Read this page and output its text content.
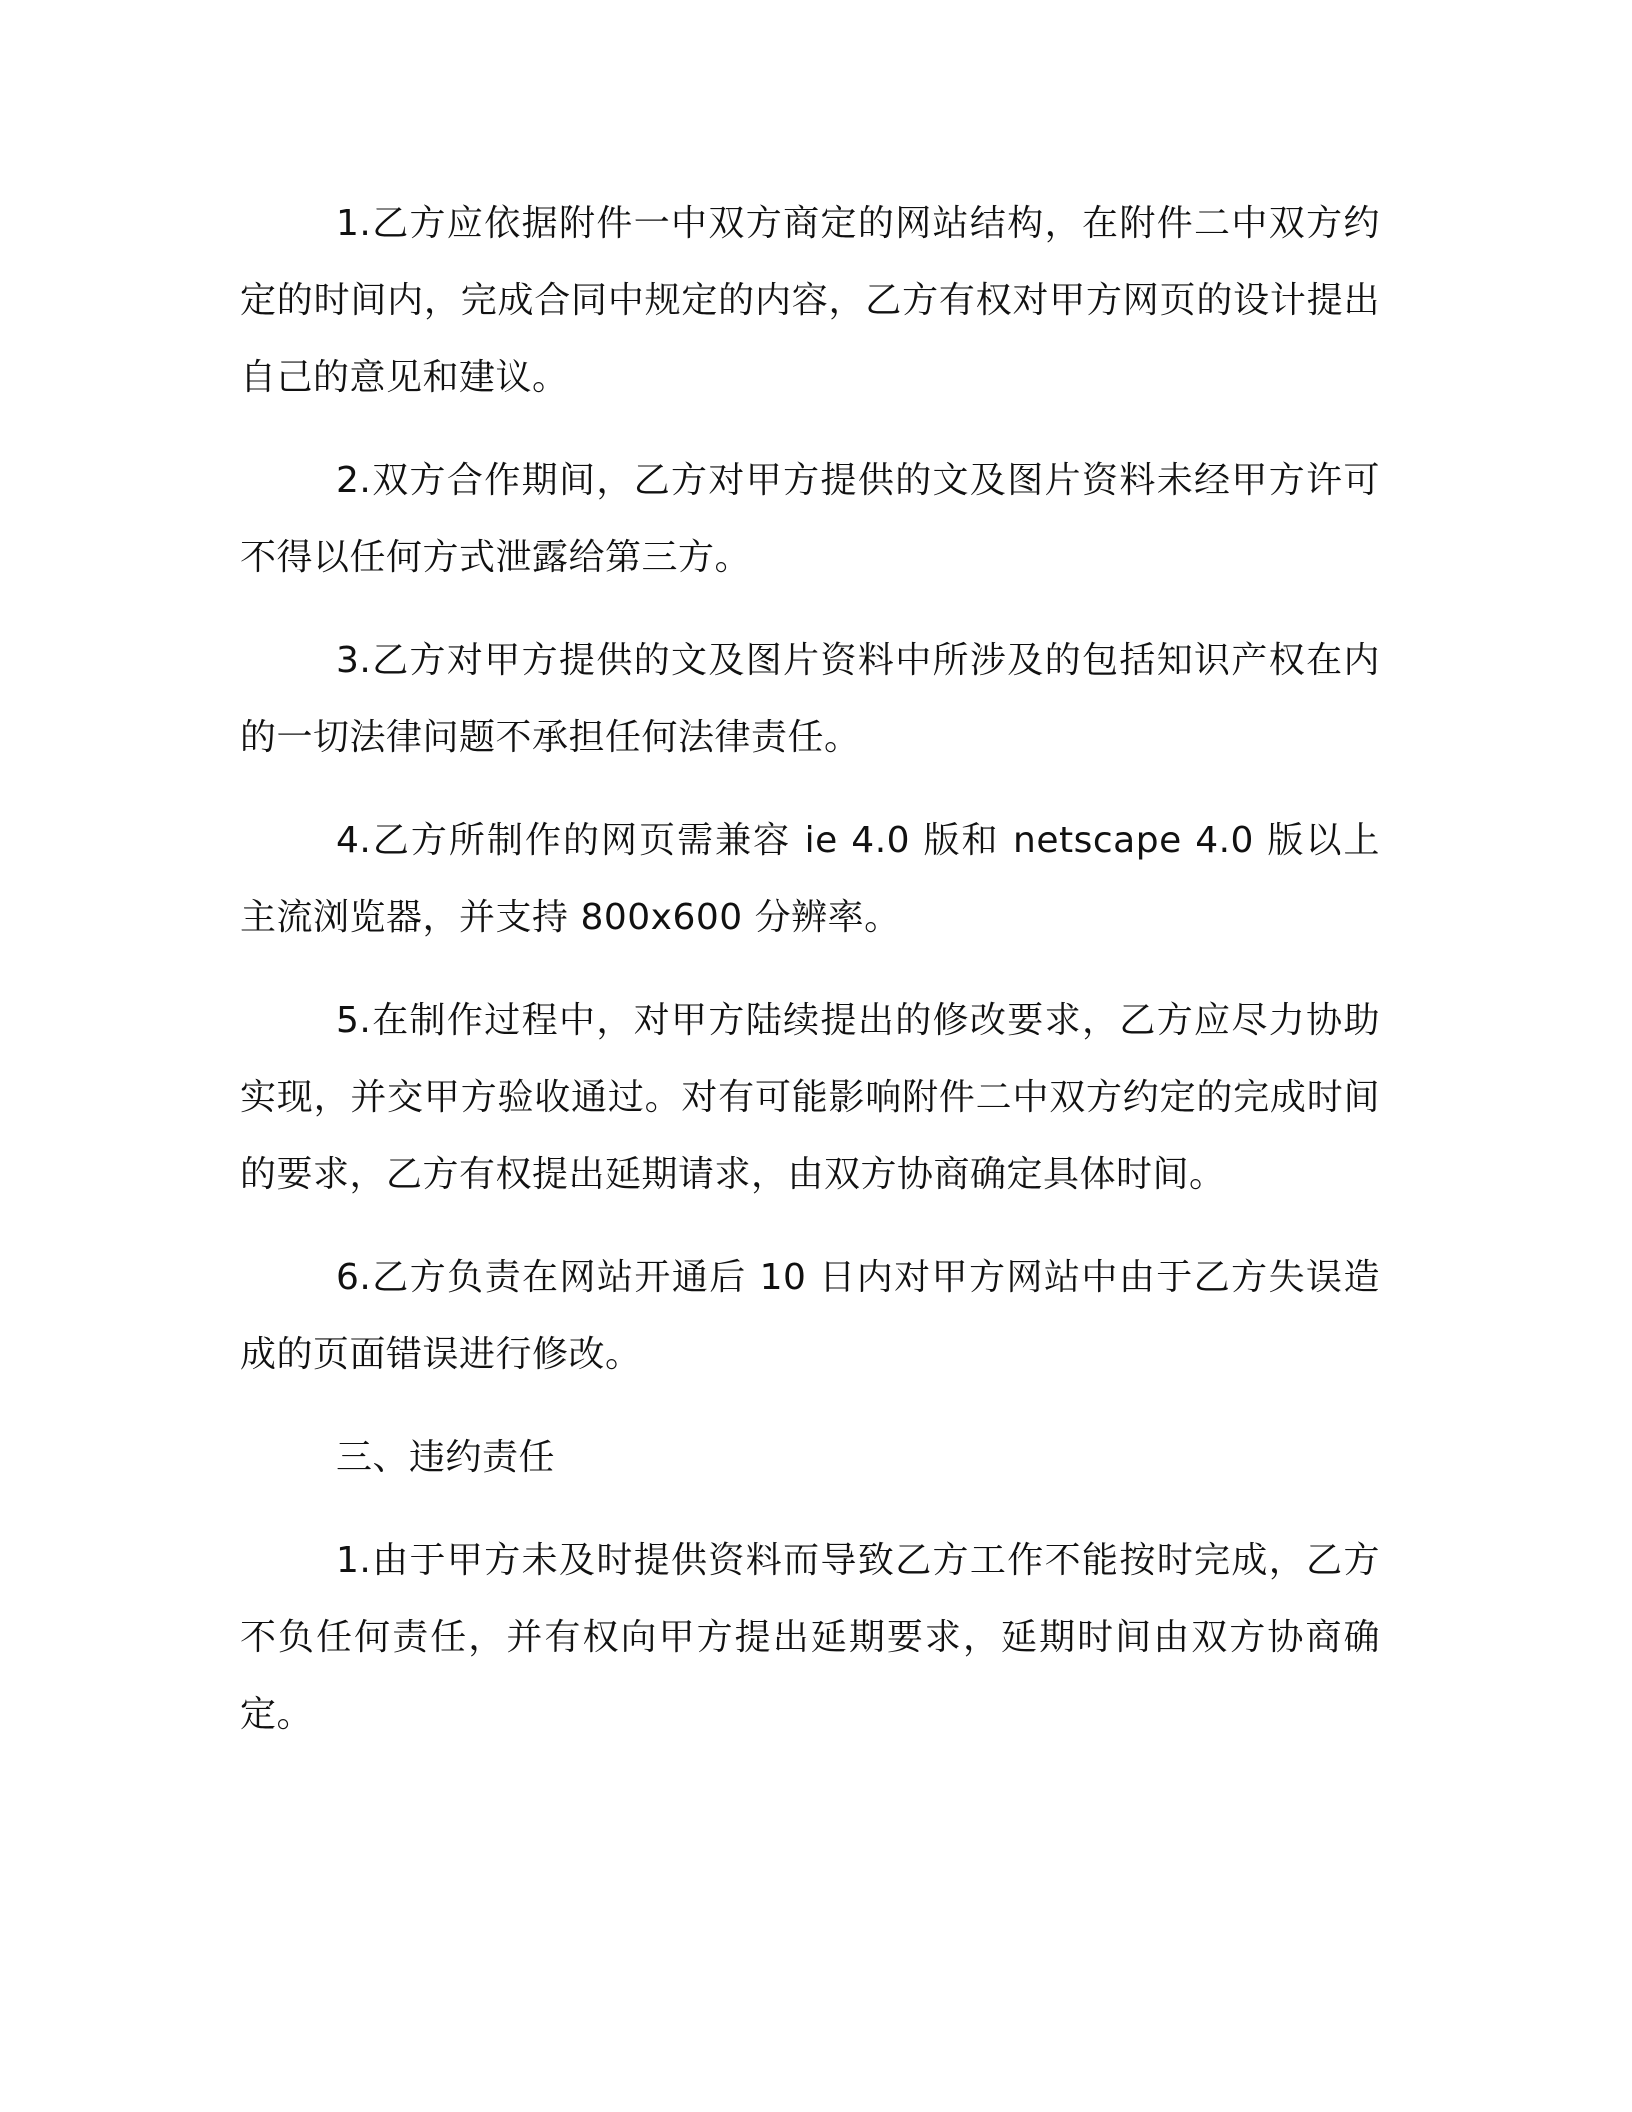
1.乙方应依据附件一中双方商定的网站结构，在附件二中双方约定的时间内，完成合同中规定的内容，乙方有权对甲方网页的设计提出自己的意见和建议。

2.双方合作期间，乙方对甲方提供的文及图片资料未经甲方许可不得以任何方式泄露给第三方。

3.乙方对甲方提供的文及图片资料中所涉及的包括知识产权在内的一切法律问题不承担任何法律责任。

4.乙方所制作的网页需兼容 ie 4.0 版和 netscape 4.0 版以上主流浏览器，并支持 800x600 分辨率。

5.在制作过程中，对甲方陆续提出的修改要求，乙方应尽力协助实现，并交甲方验收通过。对有可能影响附件二中双方约定的完成时间的要求，乙方有权提出延期请求，由双方协商确定具体时间。

6.乙方负责在网站开通后 10 日内对甲方网站中由于乙方失误造成的页面错误进行修改。

三、违约责任

1.由于甲方未及时提供资料而导致乙方工作不能按时完成，乙方不负任何责任，并有权向甲方提出延期要求，延期时间由双方协商确定。
